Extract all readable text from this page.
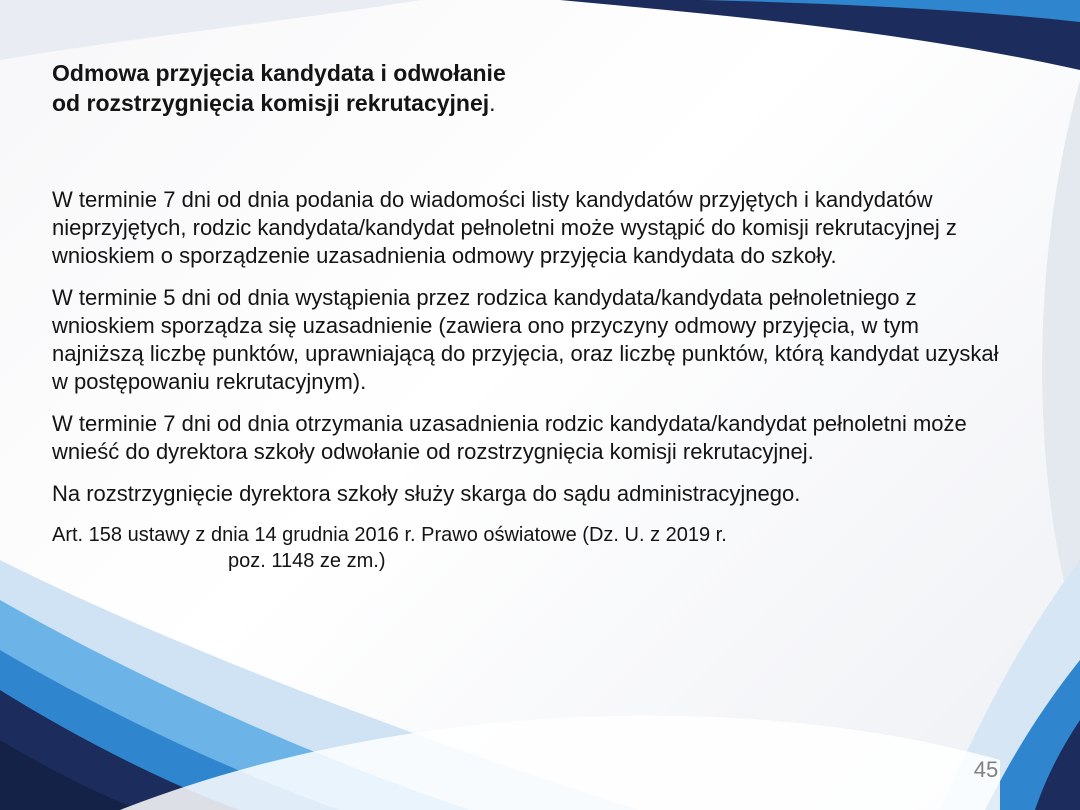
Odmowa przyjęcia kandydata i odwołanie
od rozstrzygnięcia komisji rekrutacyjnej.

W terminie 7 dni od dnia podania do wiadomości listy kandydatów przyjętych i kandydatów nieprzyjętych, rodzic kandydata/kandydat pełnoletni może wystąpić do komisji rekrutacyjnej z wnioskiem o sporządzenie uzasadnienia odmowy przyjęcia kandydata do szkoły.

W terminie 5 dni od dnia wystąpienia przez rodzica kandydata/kandydata pełnoletniego z wnioskiem sporządza się uzasadnienie (zawiera ono przyczyny odmowy przyjęcia, w tym najniższą liczbę punktów, uprawniającą do przyjęcia, oraz liczbę punktów, którą kandydat uzyskał w postępowaniu rekrutacyjnym).

W terminie 7 dni od dnia otrzymania uzasadnienia rodzic kandydata/kandydat pełnoletni może wnieść do dyrektora szkoły odwołanie od rozstrzygnięcia komisji rekrutacyjnej.

Na rozstrzygnięcie dyrektora szkoły służy skarga do sądu administracyjnego.

Art. 158 ustawy z dnia 14 grudnia 2016 r. Prawo oświatowe (Dz. U. z 2019 r.
poz. 1148 ze zm.)

45
